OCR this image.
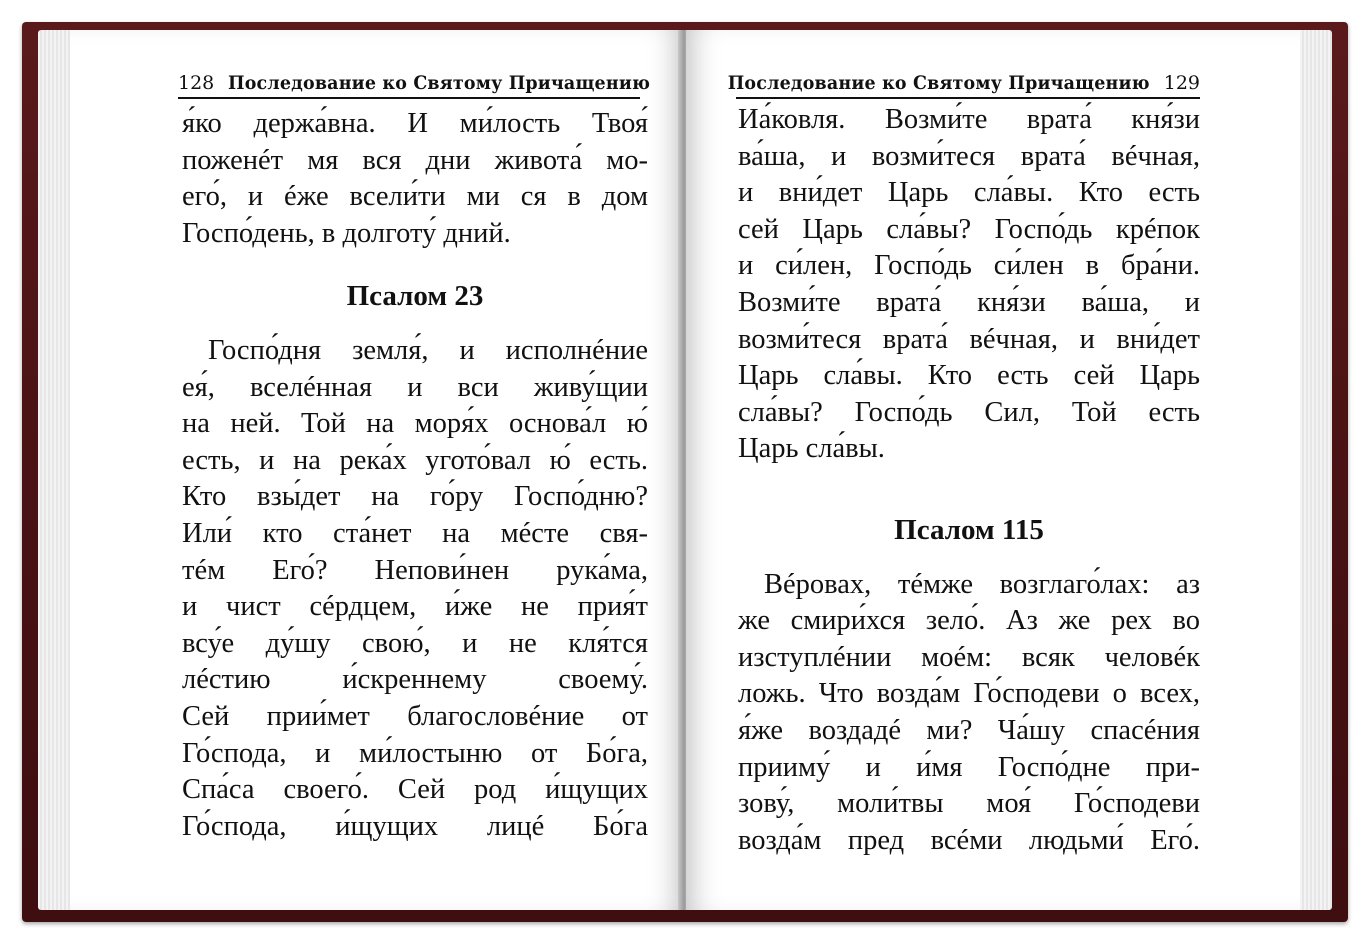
128 Последование ко Святому Причащению
я́ко держа́вна. И ми́лость Твоя́
поженéт мя вся дни живота́ мо-
его́, и éже всели́ти ми ся в дом
Госпо́день, в долготу́ дний.
Псалом 23
Госпо́дня земля́, и исполнéние
ея́, вселéнная и вси живу́щии
на ней. Той на моря́х основа́л ю́
есть, и на река́х угото́вал ю́ есть.
Кто взы́дет на го́ру Госпо́дню?
Или́ кто ста́нет на мéсте свя-
тéм Его́? Непови́нен рука́ма,
и чист сéрдцем, и́же не прия́т
всу́е ду́шу свою́, и не кля́тся
лéстию и́скреннему своему́.
Сей прии́мет благословéние от
Го́спода, и ми́лостыню от Бо́га,
Спа́са своего́. Сей род и́щущих
Го́спода, и́щущих лицé Бо́га
Последование ко Святому Причащению 129
Иа́ковля. Возми́те врата́ кня́зи
ва́ша, и возми́теся врата́ вéчная,
и вни́дет Царь сла́вы. Кто есть
сей Царь сла́вы? Госпо́дь крéпок
и си́лен, Госпо́дь си́лен в бра́ни.
Возми́те врата́ кня́зи ва́ша, и
возми́теся врата́ вéчная, и вни́дет
Царь сла́вы. Кто есть сей Царь
сла́вы? Госпо́дь Сил, Той есть
Царь сла́вы.
Псалом 115
Вéровах, тéмже возглаго́лах: аз
же смири́хся зело́. Аз же рех во
изступлéнии моéм: всяк человéк
ложь. Что возда́м Го́сподеви о всех,
я́же воздадé ми? Ча́шу спасéния
прииму́ и и́мя Госпо́дне при-
зову́, моли́твы моя́ Го́сподеви
возда́м пред всéми людьми́ Его́.
